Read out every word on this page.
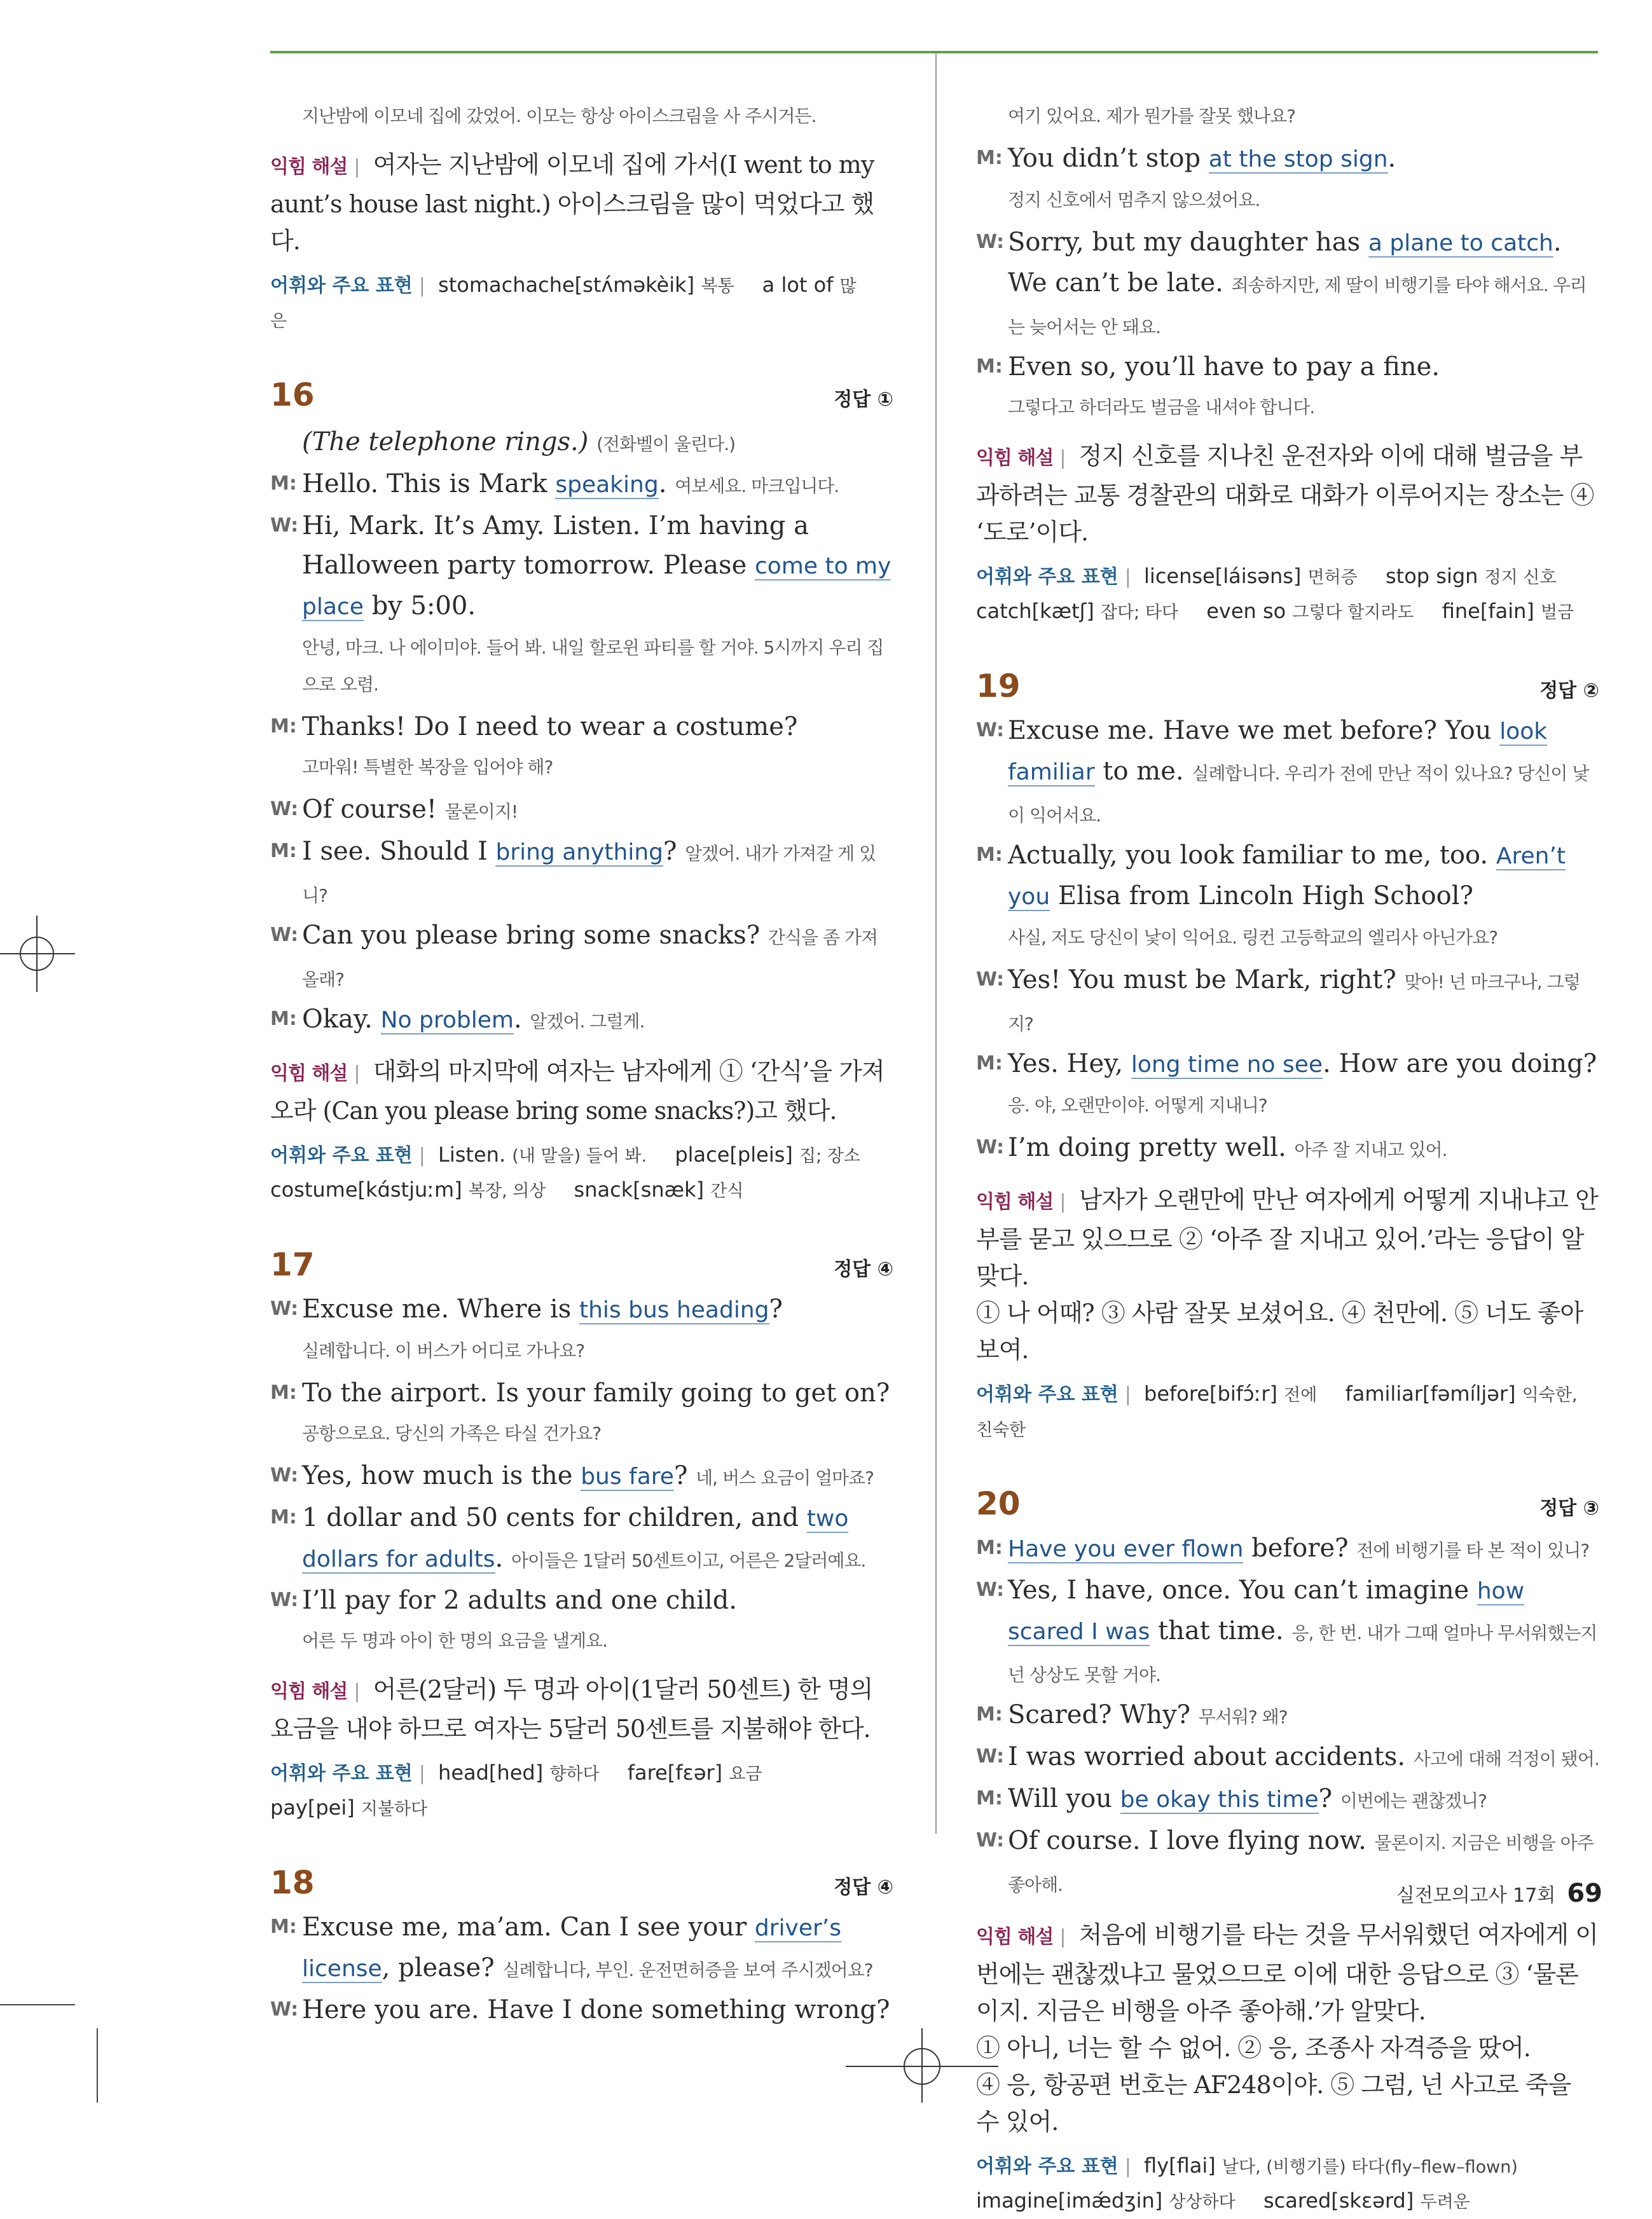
지난밤에 이모네 집에 갔었어. 이모는 항상 아이스크림을 사 주시거든.
익힘 해설 | 여자는 지난밤에 이모네 집에 가서(I went to my aunt’s house last night.) 아이스크림을 많이 먹었다고 했다.
어휘와 주요 표현 | stomachache[stʌ́məkèik] 복통 a lot of 많은
16	정답 ①
(The telephone rings.) (전화벨이 울린다.)

M: Hello. This is Mark speaking. 여보세요. 마크입니다.

W: Hi, Mark. It’s Amy. Listen. I’m having a Halloween party tomorrow. Please come to my place by 5:00.

안녕, 마크. 나 에이미야. 들어 봐. 내일 할로윈 파티를 할 거야. 5시까지 우리 집으로 오렴.

M: Thanks! Do I need to wear a costume?

고마워! 특별한 복장을 입어야 해?

W: Of course! 물론이지!

M: I see. Should I bring anything? 알겠어. 내가 가져갈 게 있니?

W: Can you please bring some snacks? 간식을 좀 가져올래?

M: Okay. No problem. 알겠어. 그럴게.

익힘 해설 | 대화의 마지막에 여자는 남자에게 ① ‘간식’을 가져오라 (Can you please bring some snacks?)고 했다.
어휘와 주요 표현 | Listen. (내 말을) 들어 봐. place[pleis] 집; 장소
costume[kɑ́stjuːm] 복장, 의상 snack[snæk] 간식
17	정답 ④

W: Excuse me. Where is this bus heading?

실례합니다. 이 버스가 어디로 가나요?

M: To the airport. Is your family going to get on?

공항으로요. 당신의 가족은 타실 건가요?

W: Yes, how much is the bus fare? 네, 버스 요금이 얼마죠?

M: 1 dollar and 50 cents for children, and two dollars for adults. 아이들은 1달러 50센트이고, 어른은 2달러예요.

W: I’ll pay for 2 adults and one child.

어른 두 명과 아이 한 명의 요금을 낼게요.
익힘 해설 | 어른(2달러) 두 명과 아이(1달러 50센트) 한 명의 요금을 내야 하므로 여자는 5달러 50센트를 지불해야 한다.
어휘와 주요 표현 | head[hed] 향하다 fare[fɛər] 요금
pay[pei] 지불하다
18	정답 ④

M: Excuse me, ma’am. Can I see your driver’s license, please? 실례합니다, 부인. 운전면허증을 보여 주시겠어요?

W: Here you are. Have I done something wrong?

여기 있어요. 제가 뭔가를 잘못 했나요?

M: You didn’t stop at the stop sign.

정지 신호에서 멈추지 않으셨어요.

W: Sorry, but my daughter has a plane to catch. We can’t be late. 죄송하지만, 제 딸이 비행기를 타야 해서요. 우리는 늦어서는 안 돼요.

M: Even so, you’ll have to pay a fine.

그렇다고 하더라도 벌금을 내셔야 합니다.
익힘 해설 | 정지 신호를 지나친 운전자와 이에 대해 벌금을 부과하려는 교통 경찰관의 대화로 대화가 이루어지는 장소는 ④ ‘도로’이다.
어휘와 주요 표현 | license[láisəns] 면허증 stop sign 정지 신호
catch[kætʃ] 잡다; 타다 even so 그렇다 할지라도 fine[fain] 벌금
19	정답 ②

W: Excuse me. Have we met before? You look familiar to me. 실례합니다. 우리가 전에 만난 적이 있나요? 당신이 낯이 익어서요.

M: Actually, you look familiar to me, too. Aren’t you Elisa from Lincoln High School?

사실, 저도 당신이 낯이 익어요. 링컨 고등학교의 엘리사 아닌가요?

W: Yes! You must be Mark, right? 맞아! 넌 마크구나, 그렇지?

M: Yes. Hey, long time no see. How are you doing?

응. 야, 오랜만이야. 어떻게 지내니?

W: I’m doing pretty well. 아주 잘 지내고 있어.

익힘 해설 | 남자가 오랜만에 만난 여자에게 어떻게 지내냐고 안부를 묻고 있으므로 ② ‘아주 잘 지내고 있어.’라는 응답이 알맞다.
① 나 어때? ③ 사람 잘못 보셨어요. ④ 천만에. ⑤ 너도 좋아 보여.
어휘와 주요 표현 | before[bifɔ́ːr] 전에 familiar[fəmíljər] 익숙한, 친숙한
20	정답 ③

M: Have you ever flown before? 전에 비행기를 타 본 적이 있니?

W: Yes, I have, once. You can’t imagine how scared I was that time. 응, 한 번. 내가 그때 얼마나 무서워했는지 넌 상상도 못할 거야.

M: Scared? Why? 무서워? 왜?

W: I was worried about accidents. 사고에 대해 걱정이 됐어.

M: Will you be okay this time? 이번에는 괜찮겠니?

W: Of course. I love flying now. 물론이지. 지금은 비행을 아주 좋아해.

익힘 해설 | 처음에 비행기를 타는 것을 무서워했던 여자에게 이번에는 괜찮겠냐고 물었으므로 이에 대한 응답으로 ③ ‘물론이지. 지금은 비행을 아주 좋아해.’가 알맞다.
① 아니, 너는 할 수 없어. ② 응, 조종사 자격증을 땄어.
④ 응, 항공편 번호는 AF248이야. ⑤ 그럼, 넌 사고로 죽을 수 있어.
어휘와 주요 표현 | fly[flai] 날다, (비행기를) 타다(fly–flew–flown)
imagine[imǽdʒin] 상상하다 scared[skɛərd] 두려운
실전모의고사 17회 69
